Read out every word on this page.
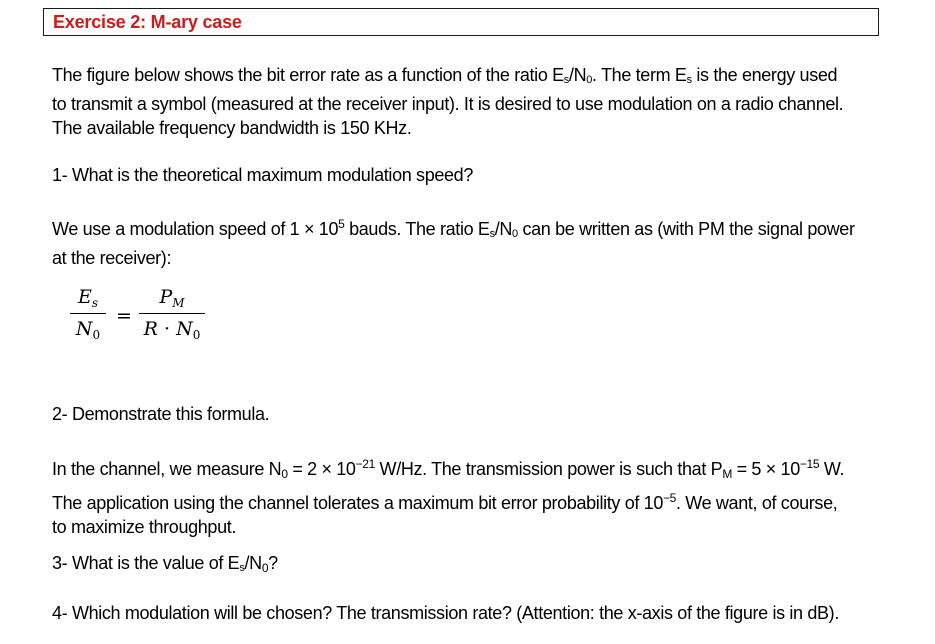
Exercise 2: M-ary case
The figure below shows the bit error rate as a function of the ratio Es/N0. The term Es is the energy used
to transmit a symbol (measured at the receiver input). It is desired to use modulation on a radio channel.
The available frequency bandwidth is 150 KHz.
1- What is the theoretical maximum modulation speed?
We use a modulation speed of $1 \times 10^5$ bauds. The ratio Es/N0 can be written as (with PM the signal power
at the receiver):
$E_s$
$N_0$
=
$P_M$
$R \cdot N_0$
2- Demonstrate this formula.
In the channel, we measure $N_0 = 2 \times 10^{-21}$ W/Hz. The transmission power is such that $P_M = 5 \times 10^{-15}$ W.
The application using the channel tolerates a maximum bit error probability of $10^{-5}$. We want, of course,
to maximize throughput.
3- What is the value of $Es/N_0$?
4- Which modulation will be chosen? The transmission rate? (Attention: the x-axis of the figure is in dB).
